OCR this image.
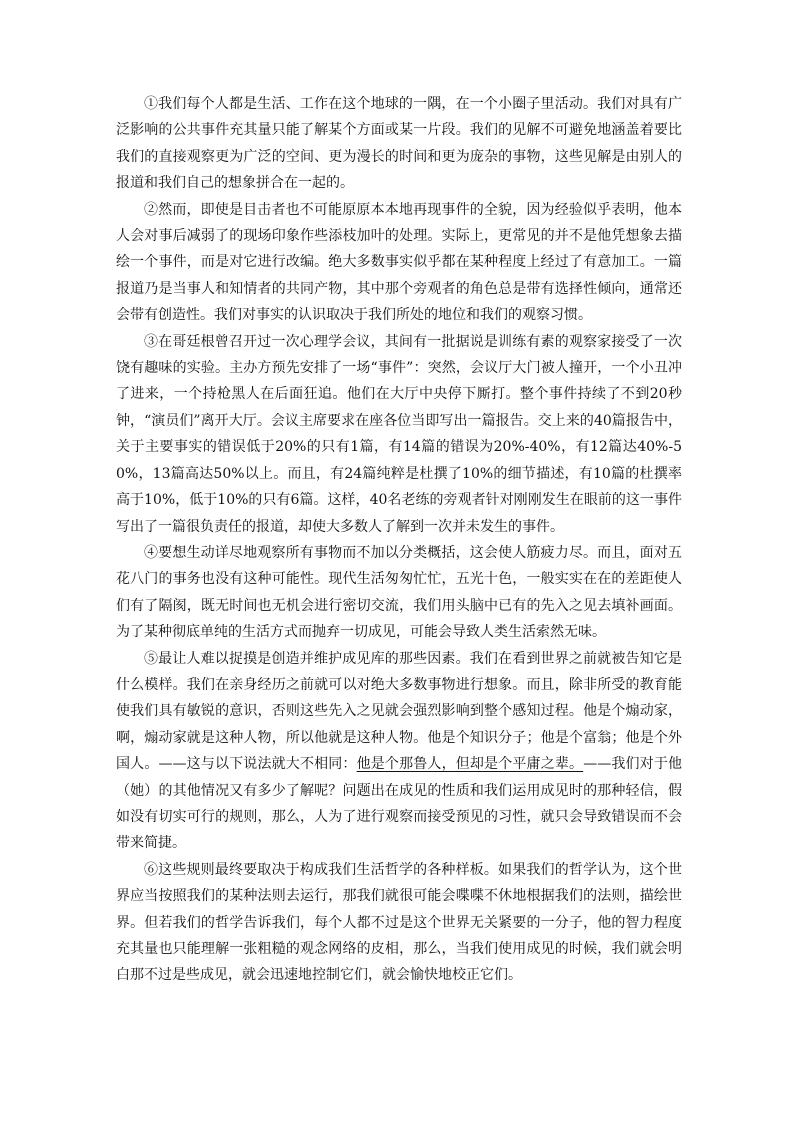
①我们每个人都是生活、工作在这个地球的一隅，在一个小圈子里活动。我们对具有广泛影响的公共事件充其量只能了解某个方面或某一片段。我们的见解不可避免地涵盖着要比我们的直接观察更为广泛的空间、更为漫长的时间和更为庞杂的事物，这些见解是由别人的报道和我们自己的想象拼合在一起的。

②然而，即使是目击者也不可能原原本本地再现事件的全貌，因为经验似乎表明，他本人会对事后减弱了的现场印象作些添枝加叶的处理。实际上，更常见的并不是他凭想象去描绘一个事件，而是对它进行改编。绝大多数事实似乎都在某种程度上经过了有意加工。一篇报道乃是当事人和知情者的共同产物，其中那个旁观者的角色总是带有选择性倾向，通常还会带有创造性。我们对事实的认识取决于我们所处的地位和我们的观察习惯。

③在哥廷根曾召开过一次心理学会议，其间有一批据说是训练有素的观察家接受了一次饶有趣味的实验。主办方预先安排了一场“事件”：突然，会议厅大门被人撞开，一个小丑冲了进来，一个持枪黑人在后面狂追。他们在大厅中央停下厮打。整个事件持续了不到20秒钟，“演员们”离开大厅。会议主席要求在座各位当即写出一篇报告。交上来的40篇报告中，关于主要事实的错误低于20%的只有1篇，有14篇的错误为20%-40%，有12篇达40%-50%，13篇高达50%以上。而且，有24篇纯粹是杜撰了10%的细节描述，有10篇的杜撰率高于10%，低于10%的只有6篇。这样，40名老练的旁观者针对刚刚发生在眼前的这一事件写出了一篇很负责任的报道，却使大多数人了解到一次并未发生的事件。

④要想生动详尽地观察所有事物而不加以分类概括，这会使人筋疲力尽。而且，面对五花八门的事务也没有这种可能性。现代生活匆匆忙忙，五光十色，一般实实在在的差距使人们有了隔阂，既无时间也无机会进行密切交流，我们用头脑中已有的先入之见去填补画面。为了某种彻底单纯的生活方式而抛弃一切成见，可能会导致人类生活索然无味。

⑤最让人难以捉摸是创造并维护成见库的那些因素。我们在看到世界之前就被告知它是什么模样。我们在亲身经历之前就可以对绝大多数事物进行想象。而且，除非所受的教育能使我们具有敏锐的意识，否则这些先入之见就会强烈影响到整个感知过程。他是个煽动家，啊，煽动家就是这种人物，所以他就是这种人物。他是个知识分子；他是个富翁；他是个外国人。——这与以下说法就大不相同：他是个那鲁人，但却是个平庸之辈。——我们对于他（她）的其他情况又有多少了解呢？问题出在成见的性质和我们运用成见时的那种轻信，假如没有切实可行的规则，那么，人为了进行观察而接受预见的习性，就只会导致错误而不会带来简捷。

⑥这些规则最终要取决于构成我们生活哲学的各种样板。如果我们的哲学认为，这个世界应当按照我们的某种法则去运行，那我们就很可能会喋喋不休地根据我们的法则，描绘世界。但若我们的哲学告诉我们，每个人都不过是这个世界无关紧要的一分子，他的智力程度充其量也只能理解一张粗糙的观念网络的皮相，那么，当我们使用成见的时候，我们就会明白那不过是些成见，就会迅速地控制它们，就会愉快地校正它们。
